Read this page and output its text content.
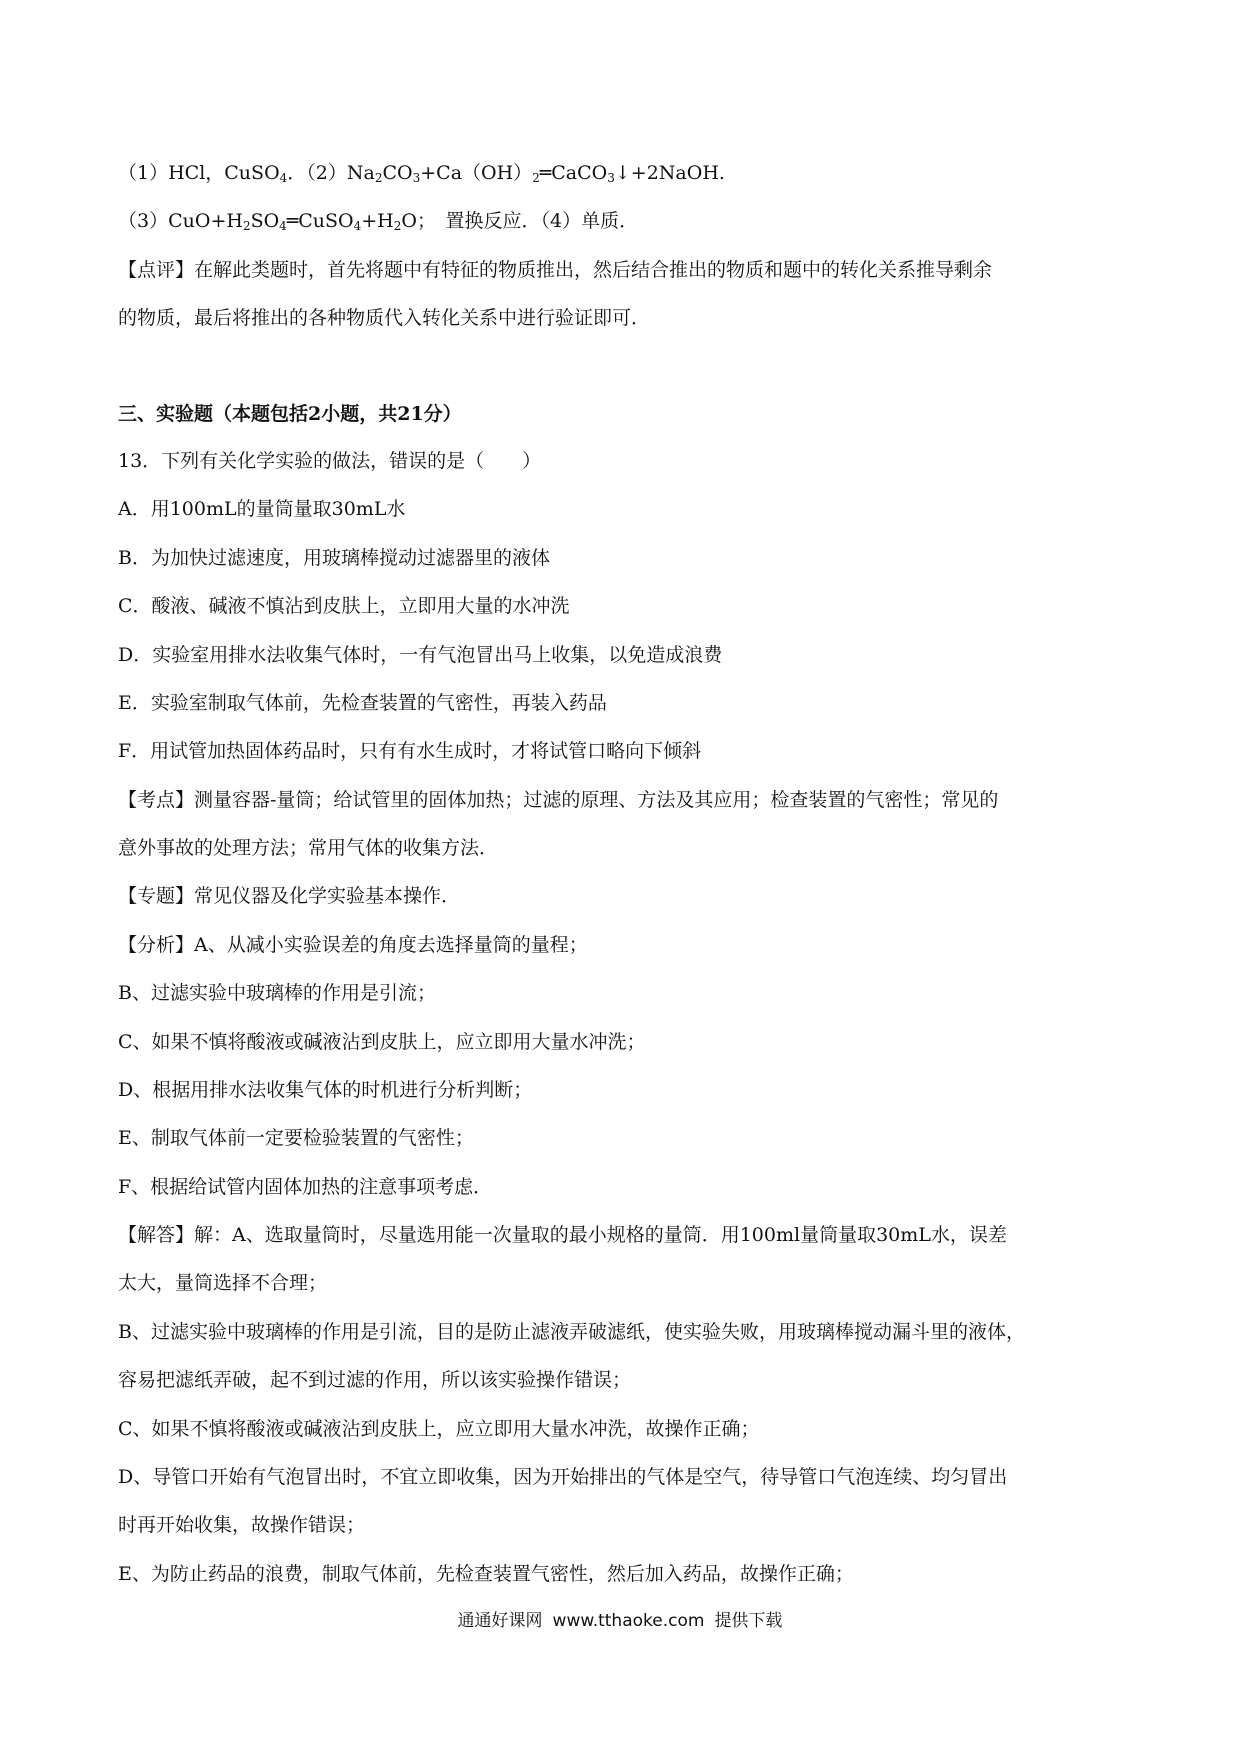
（1）HCl，CuSO$_4$．$(2)Na_2CO_3+Ca(OH)_2═CaCO_3↓+2NaOH$.
$(3)CuO+H_2SO_4═CuSO_4+H_2O$；　置换反应．（4）单质．
【点评】在解此类题时，首先将题中有特征的物质推出，然后结合推出的物质和题中的转化关系推导剩余
的物质，最后将推出的各种物质代入转化关系中进行验证即可．
三、实验题（本题包括2小题，共21分）
13．下列有关化学实验的做法，错误的是（　　）
A．用100mL的量筒量取30mL水
B．为加快过滤速度，用玻璃棒搅动过滤器里的液体
C．酸液、碱液不慎沾到皮肤上，立即用大量的水冲洗
D．实验室用排水法收集气体时，一有气泡冒出马上收集，以免造成浪费
E．实验室制取气体前，先检查装置的气密性，再装入药品
F．用试管加热固体药品时，只有有水生成时，才将试管口略向下倾斜
【考点】测量容器-量筒；给试管里的固体加热；过滤的原理、方法及其应用；检查装置的气密性；常见的
意外事故的处理方法；常用气体的收集方法．
【专题】常见仪器及化学实验基本操作．
【分析】A、从减小实验误差的角度去选择量筒的量程；
B、过滤实验中玻璃棒的作用是引流；
C、如果不慎将酸液或碱液沾到皮肤上，应立即用大量水冲洗；
D、根据用排水法收集气体的时机进行分析判断；
E、制取气体前一定要检验装置的气密性；
F、根据给试管内固体加热的注意事项考虑．
【解答】解：A、选取量筒时，尽量选用能一次量取的最小规格的量筒．用100ml量筒量取30mL水，误差
太大，量筒选择不合理；
B、过滤实验中玻璃棒的作用是引流，目的是防止滤液弄破滤纸，使实验失败，用玻璃棒搅动漏斗里的液体，
容易把滤纸弄破，起不到过滤的作用，所以该实验操作错误；
C、如果不慎将酸液或碱液沾到皮肤上，应立即用大量水冲洗，故操作正确；
D、导管口开始有气泡冒出时，不宜立即收集，因为开始排出的气体是空气，待导管口气泡连续、均匀冒出
时再开始收集，故操作错误；
E、为防止药品的浪费，制取气体前，先检查装置气密性，然后加入药品，故操作正确；
通通好课网 www.tthaoke.com 提供下载
